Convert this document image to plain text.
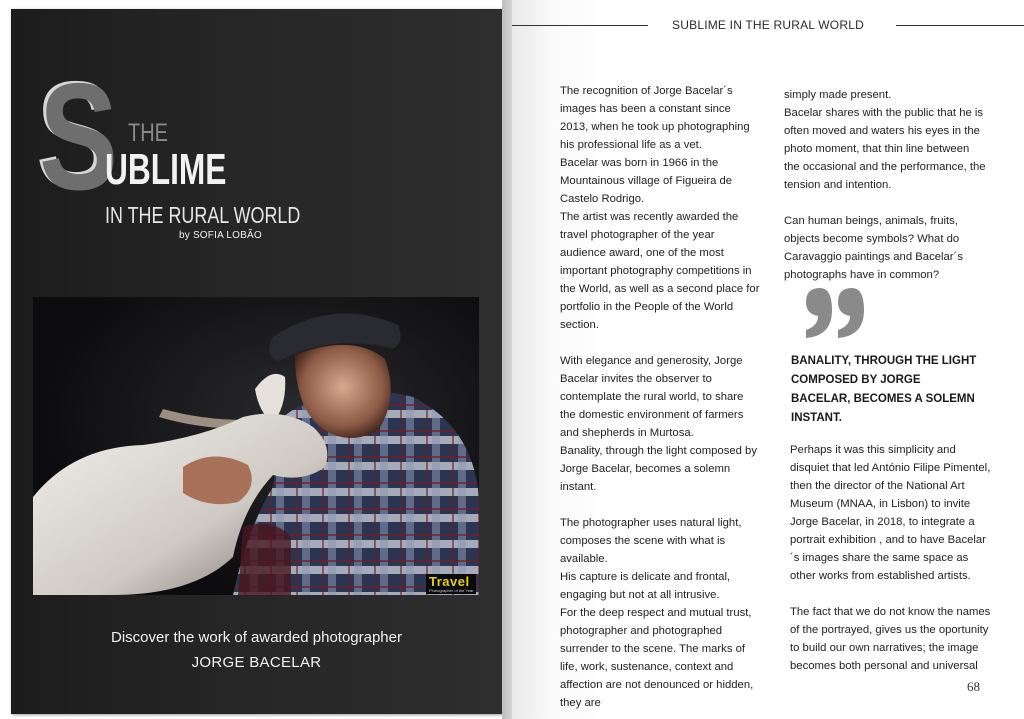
S THE
UBLIME
IN THE RURAL WORLD
by SOFIA LOBÃO
Travel
Photographer of the Year
Discover the work of awarded photographer
JORGE BACELAR
SUBLIME IN THE RURAL WORLD

The recognition of Jorge Bacelar´s images has been a constant since 2013, when he took up photographing his professional life as a vet.
Bacelar was born in 1966 in the Mountainous village of Figueira de Castelo Rodrigo.
The artist was recently awarded the travel photographer of the year audience award, one of the most important photography competitions in the World, as well as a second place for portfolio in the People of the World section.

With elegance and generosity, Jorge Bacelar invites the observer to contemplate the rural world, to share the domestic environment of farmers and shepherds in Murtosa.
Banality, through the light composed by Jorge Bacelar, becomes a solemn instant.

The photographer uses natural light, composes the scene with what is available.
His capture is delicate and frontal, engaging but not at all intrusive.
For the deep respect and mutual trust, photographer and photographed surrender to the scene. The marks of life, work, sustenance, context and affection are not denounced or hidden, they are

simply made present.
Bacelar shares with the public that he is often moved and waters his eyes in the photo moment, that thin line between the occasional and the performance, the tension and intention.

Can human beings, animals, fruits, objects become symbols? What do Caravaggio paintings and Bacelar´s photographs have in common?

BANALITY, THROUGH THE LIGHT COMPOSED BY JORGE BACELAR, BECOMES A SOLEMN INSTANT.

Perhaps it was this simplicity and disquiet that led António Filipe Pimentel, then the director of the National Art Museum (MNAA, in Lisbon) to invite Jorge Bacelar, in 2018, to integrate a portrait exhibition , and to have Bacelar´s images share the same space as other works from established artists.

The fact that we do not know the names of the portrayed, gives us the oportunity to build our own narratives; the image becomes both personal and universal

68
